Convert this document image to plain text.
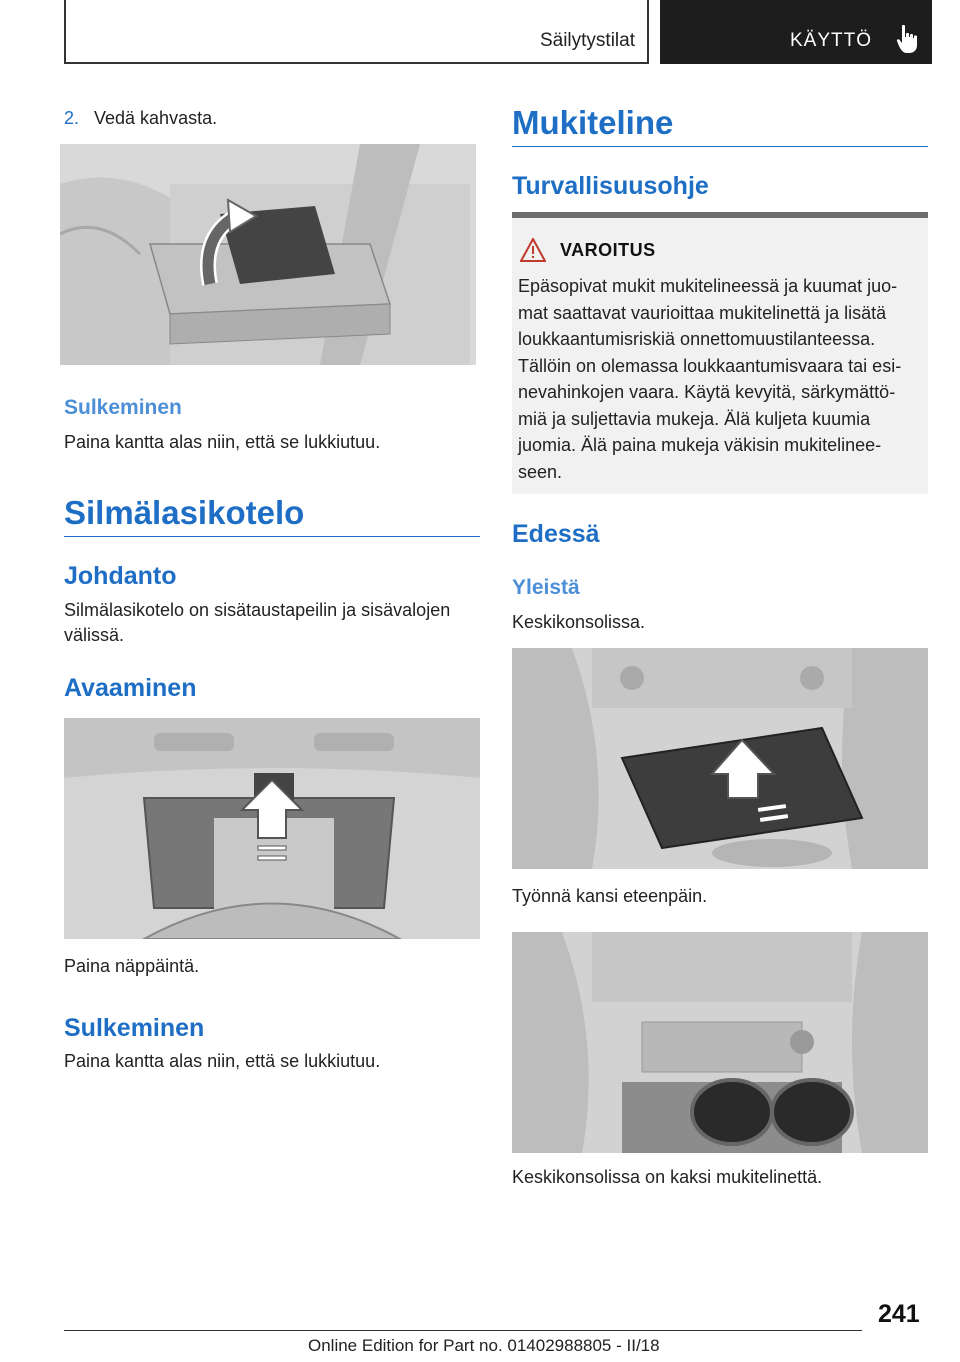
Säilytystilat	KÄYTTÖ
2. Vedä kahvasta.
Sulkeminen
Paina kantta alas niin, että se lukkiutuu.
Silmälasikotelo
Johdanto

Silmälasikotelo on sisätaustapeilin ja sisävalojen välissä.

Avaaminen
Paina näppäintä.
Sulkeminen
Paina kantta alas niin, että se lukkiutuu.
Mukiteline
Turvallisuusohje
VAROITUS
Epäsopivat mukit mukitelineessä ja kuumat juo-
mat saattavat vaurioittaa mukitelinettä ja lisätä
loukkaantumisriskiä onnettomuustilanteessa.
Tällöin on olemassa loukkaantumisvaara tai esi-
nevahinkojen vaara. Käytä kevyitä, särkymättö-
miä ja suljettavia mukeja. Älä kuljeta kuumia
juomia. Älä paina mukeja väkisin mukitelinee-
seen.
Edessä
Yleistä
Keskikonsolissa.
Työnnä kansi eteenpäin.
Keskikonsolissa on kaksi mukitelinettä.
241
Online Edition for Part no. 01402988805 - II/18
